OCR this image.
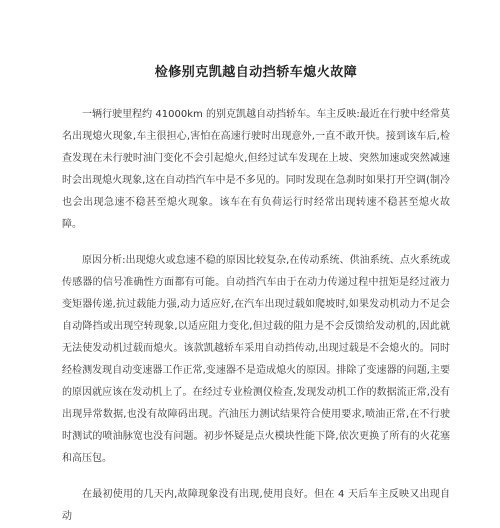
检修别克凯越自动挡轿车熄火故障

一辆行驶里程约 41000km 的别克凯越自动挡轿车。车主反映:最近在行驶中经常莫名出现熄火现象,车主很担心,害怕在高速行驶时出现意外,一直不敢开快。接到该车后,检查发现在未行驶时油门变化不会引起熄火,但经过试车发现在上坡、突然加速或突然减速时会出现熄火现象,这在自动挡汽车中是不多见的。同时发现在急刹时如果打开空调(制冷也会出现急速不稳甚至熄火现象。该车在有负荷运行时经常出现转速不稳甚至熄火故障。

原因分析:出现熄火或怠速不稳的原因比较复杂,在传动系统、供油系统、点火系统或传感器的信号准确性方面都有可能。自动挡汽车由于在动力传递过程中扭矩是经过液力变矩器传递,抗过载能力强,动力适应好,在汽车出现过载如爬坡时,如果发动机动力不足会自动降挡或出现空转现象,以适应阻力变化,但过载的阻力是不会反馈给发动机的,因此就无法使发动机过载而熄火。该款凯越轿车采用自动挡传动,出现过载是不会熄火的。同时经检测发现自动变速器工作正常,变速器不是造成熄火的原因。排除了变速器的问题,主要的原因就应该在发动机上了。在经过专业检测仪检查,发现发动机工作的数据流正常,没有出现异常数据,也没有故障码出现。汽油压力测试结果符合使用要求,喷油正常,在不行驶时测试的喷油脉宽也没有问题。初步怀疑是点火模块性能下降,依次更换了所有的火花塞和高压包。

在最初使用的几天内,故障现象没有出现,使用良好。但在 4 天后车主反映又出现自动
